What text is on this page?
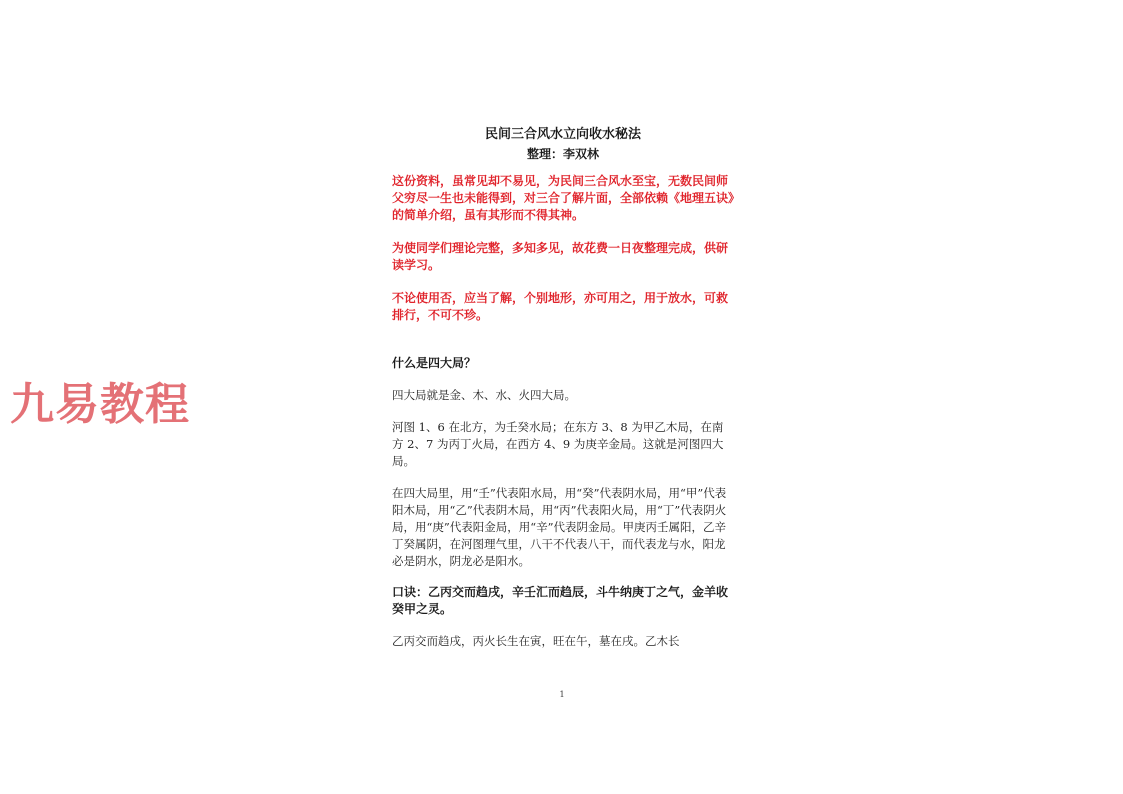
九易教程

民间三合风水立向收水秘法

整理：李双林

这份资料，虽常见却不易见，为民间三合风水至宝，无数民间师父穷尽一生也未能得到，对三合了解片面，全部依赖《地理五诀》的简单介绍，虽有其形而不得其神。

为使同学们理论完整，多知多见，故花费一日夜整理完成，供研读学习。

不论使用否，应当了解，个别地形，亦可用之，用于放水，可救排行，不可不珍。

什么是四大局？

四大局就是金、木、水、火四大局。

河图 1、6 在北方，为壬癸水局；在东方 3、8 为甲乙木局，在南方 2、7 为丙丁火局，在西方 4、9 为庚辛金局。这就是河图四大局。

在四大局里，用“壬”代表阳水局，用“癸”代表阴水局，用“甲”代表阳木局，用“乙”代表阴木局，用“丙”代表阳火局，用“丁”代表阴火局，用“庚”代表阳金局，用“辛”代表阴金局。甲庚丙壬属阳，乙辛丁癸属阴，在河图理气里，八干不代表八干，而代表龙与水，阳龙必是阴水，阴龙必是阳水。

口诀：乙丙交而趋戌，辛壬汇而趋辰，斗牛纳庚丁之气，金羊收癸甲之灵。

乙丙交而趋戌，丙火长生在寅，旺在午，墓在戌。乙木长

1
